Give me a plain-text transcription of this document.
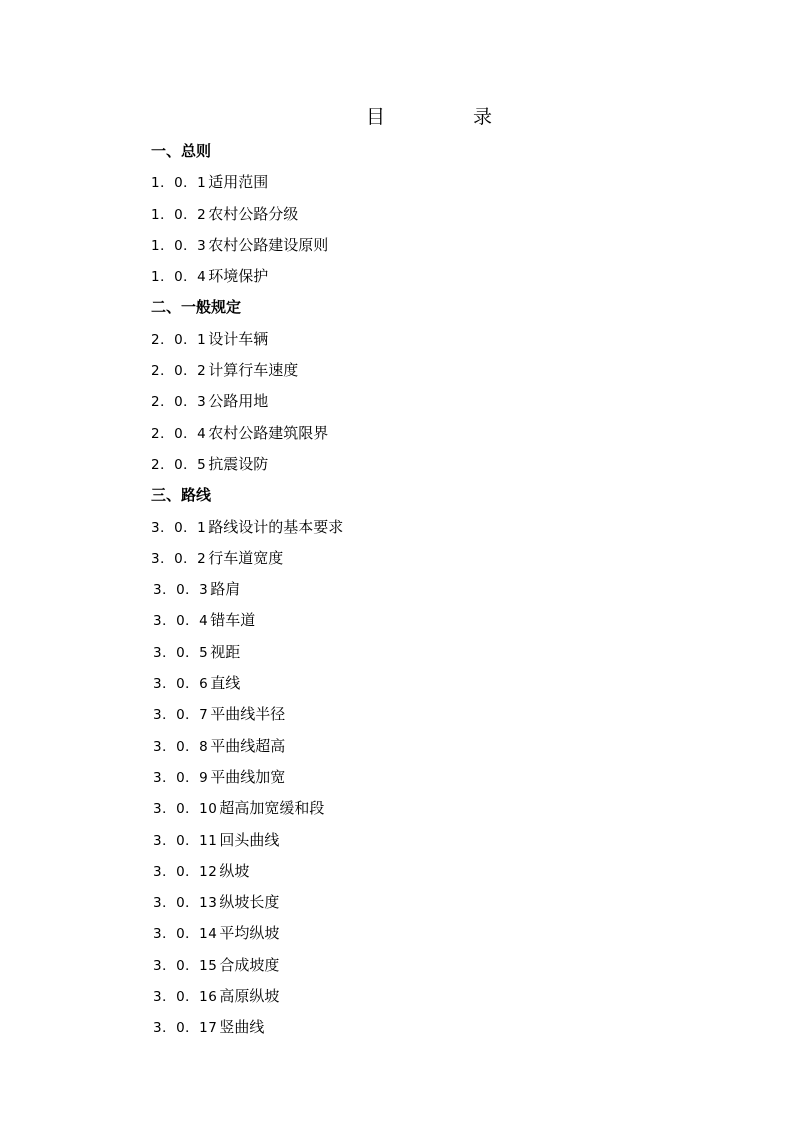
目	录
一、总则
1．0．1 适用范围
1．0．2 农村公路分级
1．0．3 农村公路建设原则
1．0．4 环境保护
二、一般规定
2．0．1 设计车辆
2．0．2 计算行车速度
2．0．3 公路用地
2．0．4 农村公路建筑限界
2．0．5 抗震设防
三、路线
3．0．1 路线设计的基本要求
3．0．2 行车道宽度
3．0．3 路肩
3．0．4 错车道
3．0．5 视距
3．0．6 直线
3．0．7 平曲线半径
3．0．8 平曲线超高
3．0．9 平曲线加宽
3．0．10 超高加宽缓和段
3．0．11 回头曲线
3．0．12 纵坡
3．0．13 纵坡长度
3．0．14 平均纵坡
3．0．15 合成坡度
3．0．16 高原纵坡
3．0．17 竖曲线
